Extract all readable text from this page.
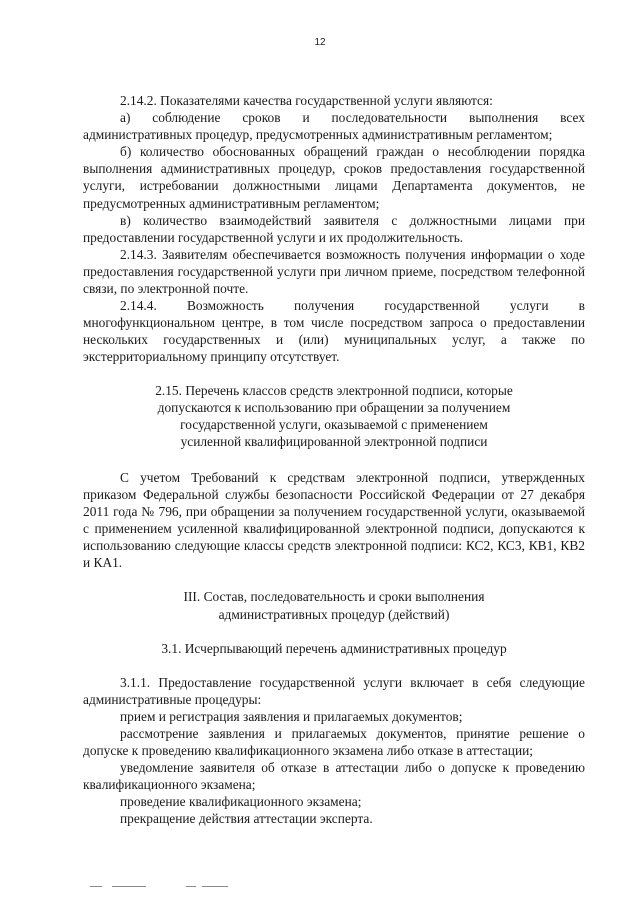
12

2.14.2. Показателями качества государственной услуги являются:

а) соблюдение сроков и последовательности выполнения всех административных процедур, предусмотренных административным регламентом;

б) количество обоснованных обращений граждан о несоблюдении порядка выполнения административных процедур, сроков предоставления государственной услуги, истребовании должностными лицами Департамента документов, не предусмотренных административным регламентом;

в) количество взаимодействий заявителя с должностными лицами при предоставлении государственной услуги и их продолжительность.

2.14.3. Заявителям обеспечивается возможность получения информации о ходе предоставления государственной услуги при личном приеме, посредством телефонной связи, по электронной почте.

2.14.4. Возможность получения государственной услуги в многофункциональном центре, в том числе посредством запроса о предоставлении нескольких государственных и (или) муниципальных услуг, а также по экстерриториальному принципу отсутствует.

2.15. Перечень классов средств электронной подписи, которые
допускаются к использованию при обращении за получением
государственной услуги, оказываемой с применением
усиленной квалифицированной электронной подписи

С учетом Требований к средствам электронной подписи, утвержденных приказом Федеральной службы безопасности Российской Федерации от 27 декабря 2011 года № 796, при обращении за получением государственной услуги, оказываемой с применением усиленной квалифицированной электронной подписи, допускаются к использованию следующие классы средств электронной подписи: КС2, КС3, КВ1, КВ2 и КА1.

III. Состав, последовательность и сроки выполнения
административных процедур (действий)
3.1. Исчерпывающий перечень административных процедур

3.1.1. Предоставление государственной услуги включает в себя следующие административные процедуры:

прием и регистрация заявления и прилагаемых документов;

рассмотрение заявления и прилагаемых документов, принятие решение о допуске к проведению квалификационного экзамена либо отказе в аттестации;

уведомление заявителя об отказе в аттестации либо о допуске к проведению квалификационного экзамена;

проведение квалификационного экзамена;

прекращение действия аттестации эксперта.
